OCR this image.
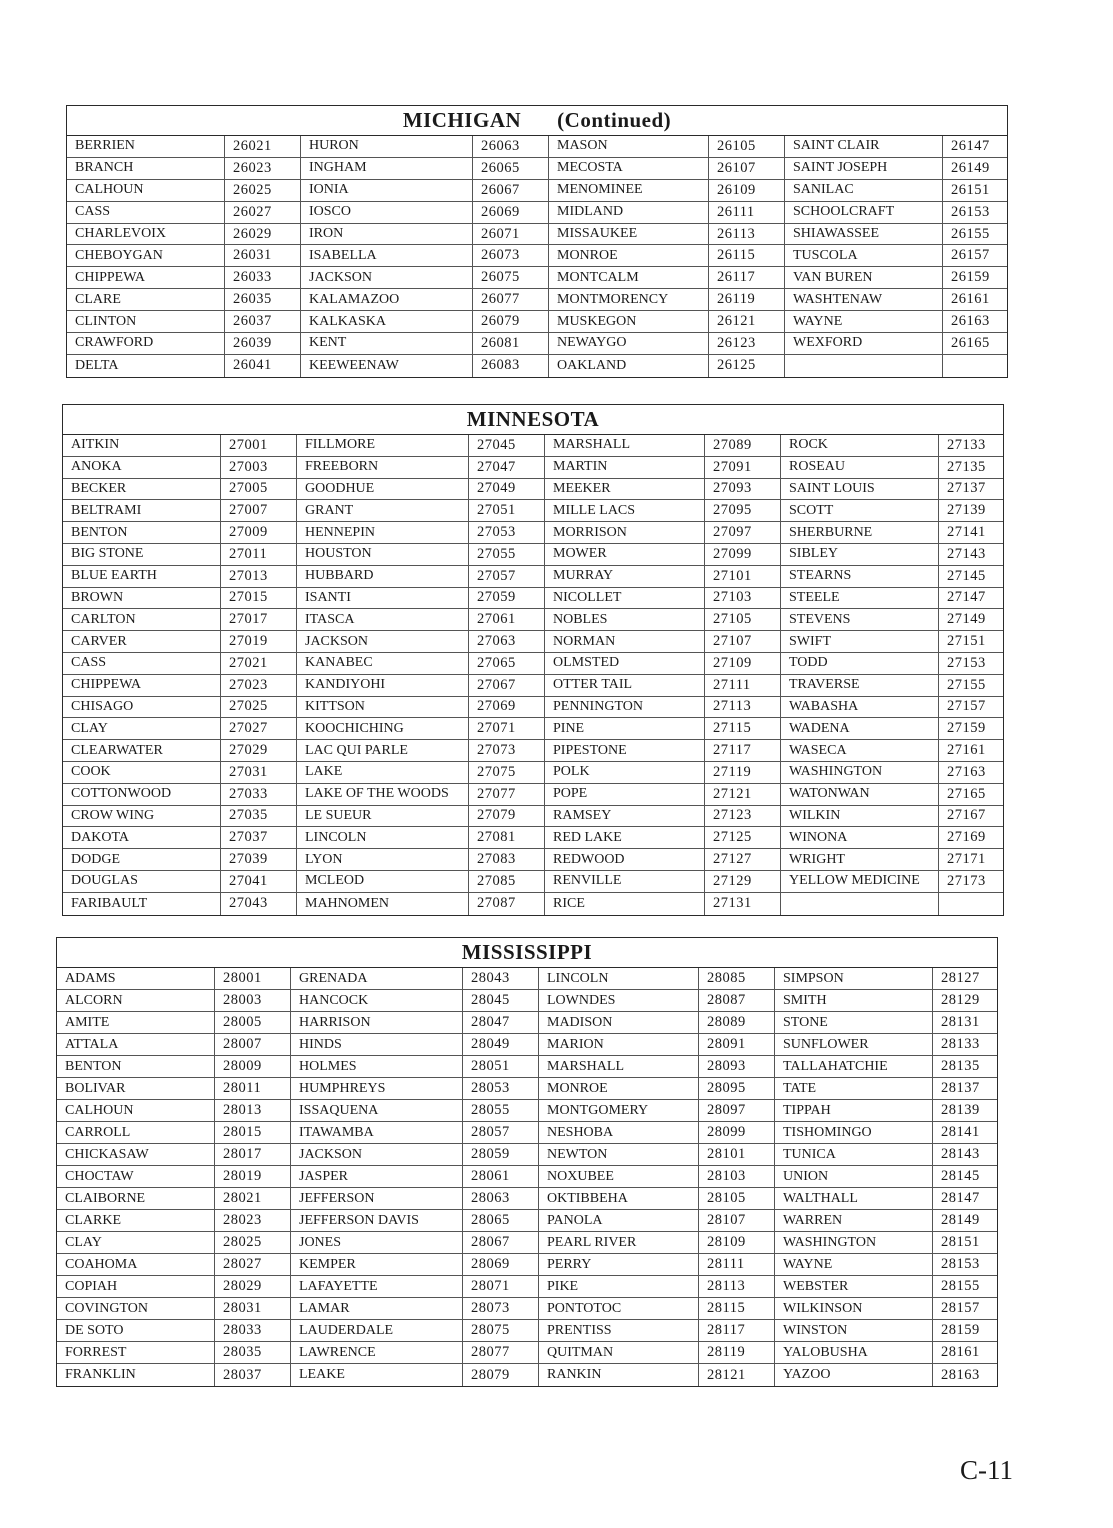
MICHIGAN (Continued)
BERRIEN	26021	HURON	26063	MASON	26105	SAINT CLAIR	26147
BRANCH	26023	INGHAM	26065	MECOSTA	26107	SAINT JOSEPH	26149
CALHOUN	26025	IONIA	26067	MENOMINEE	26109	SANILAC	26151
CASS	26027	IOSCO	26069	MIDLAND	26111	SCHOOLCRAFT	26153
CHARLEVOIX	26029	IRON	26071	MISSAUKEE	26113	SHIAWASSEE	26155
CHEBOYGAN	26031	ISABELLA	26073	MONROE	26115	TUSCOLA	26157
CHIPPEWA	26033	JACKSON	26075	MONTCALM	26117	VAN BUREN	26159
CLARE	26035	KALAMAZOO	26077	MONTMORENCY	26119	WASHTENAW	26161
CLINTON	26037	KALKASKA	26079	MUSKEGON	26121	WAYNE	26163
CRAWFORD	26039	KENT	26081	NEWAYGO	26123	WEXFORD	26165
DELTA	26041	KEEWEENAW	26083	OAKLAND	26125
MINNESOTA
AITKIN	27001	FILLMORE	27045	MARSHALL	27089	ROCK	27133
ANOKA	27003	FREEBORN	27047	MARTIN	27091	ROSEAU	27135
BECKER	27005	GOODHUE	27049	MEEKER	27093	SAINT LOUIS	27137
BELTRAMI	27007	GRANT	27051	MILLE LACS	27095	SCOTT	27139
BENTON	27009	HENNEPIN	27053	MORRISON	27097	SHERBURNE	27141
BIG STONE	27011	HOUSTON	27055	MOWER	27099	SIBLEY	27143
BLUE EARTH	27013	HUBBARD	27057	MURRAY	27101	STEARNS	27145
BROWN	27015	ISANTI	27059	NICOLLET	27103	STEELE	27147
CARLTON	27017	ITASCA	27061	NOBLES	27105	STEVENS	27149
CARVER	27019	JACKSON	27063	NORMAN	27107	SWIFT	27151
CASS	27021	KANABEC	27065	OLMSTED	27109	TODD	27153
CHIPPEWA	27023	KANDIYOHI	27067	OTTER TAIL	27111	TRAVERSE	27155
CHISAGO	27025	KITTSON	27069	PENNINGTON	27113	WABASHA	27157
CLAY	27027	KOOCHICHING	27071	PINE	27115	WADENA	27159
CLEARWATER	27029	LAC QUI PARLE	27073	PIPESTONE	27117	WASECA	27161
COOK	27031	LAKE	27075	POLK	27119	WASHINGTON	27163
COTTONWOOD	27033	LAKE OF THE WOODS	27077	POPE	27121	WATONWAN	27165
CROW WING	27035	LE SUEUR	27079	RAMSEY	27123	WILKIN	27167
DAKOTA	27037	LINCOLN	27081	RED LAKE	27125	WINONA	27169
DODGE	27039	LYON	27083	REDWOOD	27127	WRIGHT	27171
DOUGLAS	27041	MCLEOD	27085	RENVILLE	27129	YELLOW MEDICINE	27173
FARIBAULT	27043	MAHNOMEN	27087	RICE	27131
MISSISSIPPI
ADAMS	28001	GRENADA	28043	LINCOLN	28085	SIMPSON	28127
ALCORN	28003	HANCOCK	28045	LOWNDES	28087	SMITH	28129
AMITE	28005	HARRISON	28047	MADISON	28089	STONE	28131
ATTALA	28007	HINDS	28049	MARION	28091	SUNFLOWER	28133
BENTON	28009	HOLMES	28051	MARSHALL	28093	TALLAHATCHIE	28135
BOLIVAR	28011	HUMPHREYS	28053	MONROE	28095	TATE	28137
CALHOUN	28013	ISSAQUENA	28055	MONTGOMERY	28097	TIPPAH	28139
CARROLL	28015	ITAWAMBA	28057	NESHOBA	28099	TISHOMINGO	28141
CHICKASAW	28017	JACKSON	28059	NEWTON	28101	TUNICA	28143
CHOCTAW	28019	JASPER	28061	NOXUBEE	28103	UNION	28145
CLAIBORNE	28021	JEFFERSON	28063	OKTIBBEHA	28105	WALTHALL	28147
CLARKE	28023	JEFFERSON DAVIS	28065	PANOLA	28107	WARREN	28149
CLAY	28025	JONES	28067	PEARL RIVER	28109	WASHINGTON	28151
COAHOMA	28027	KEMPER	28069	PERRY	28111	WAYNE	28153
COPIAH	28029	LAFAYETTE	28071	PIKE	28113	WEBSTER	28155
COVINGTON	28031	LAMAR	28073	PONTOTOC	28115	WILKINSON	28157
DE SOTO	28033	LAUDERDALE	28075	PRENTISS	28117	WINSTON	28159
FORREST	28035	LAWRENCE	28077	QUITMAN	28119	YALOBUSHA	28161
FRANKLIN	28037	LEAKE	28079	RANKIN	28121	YAZOO	28163
C-11
